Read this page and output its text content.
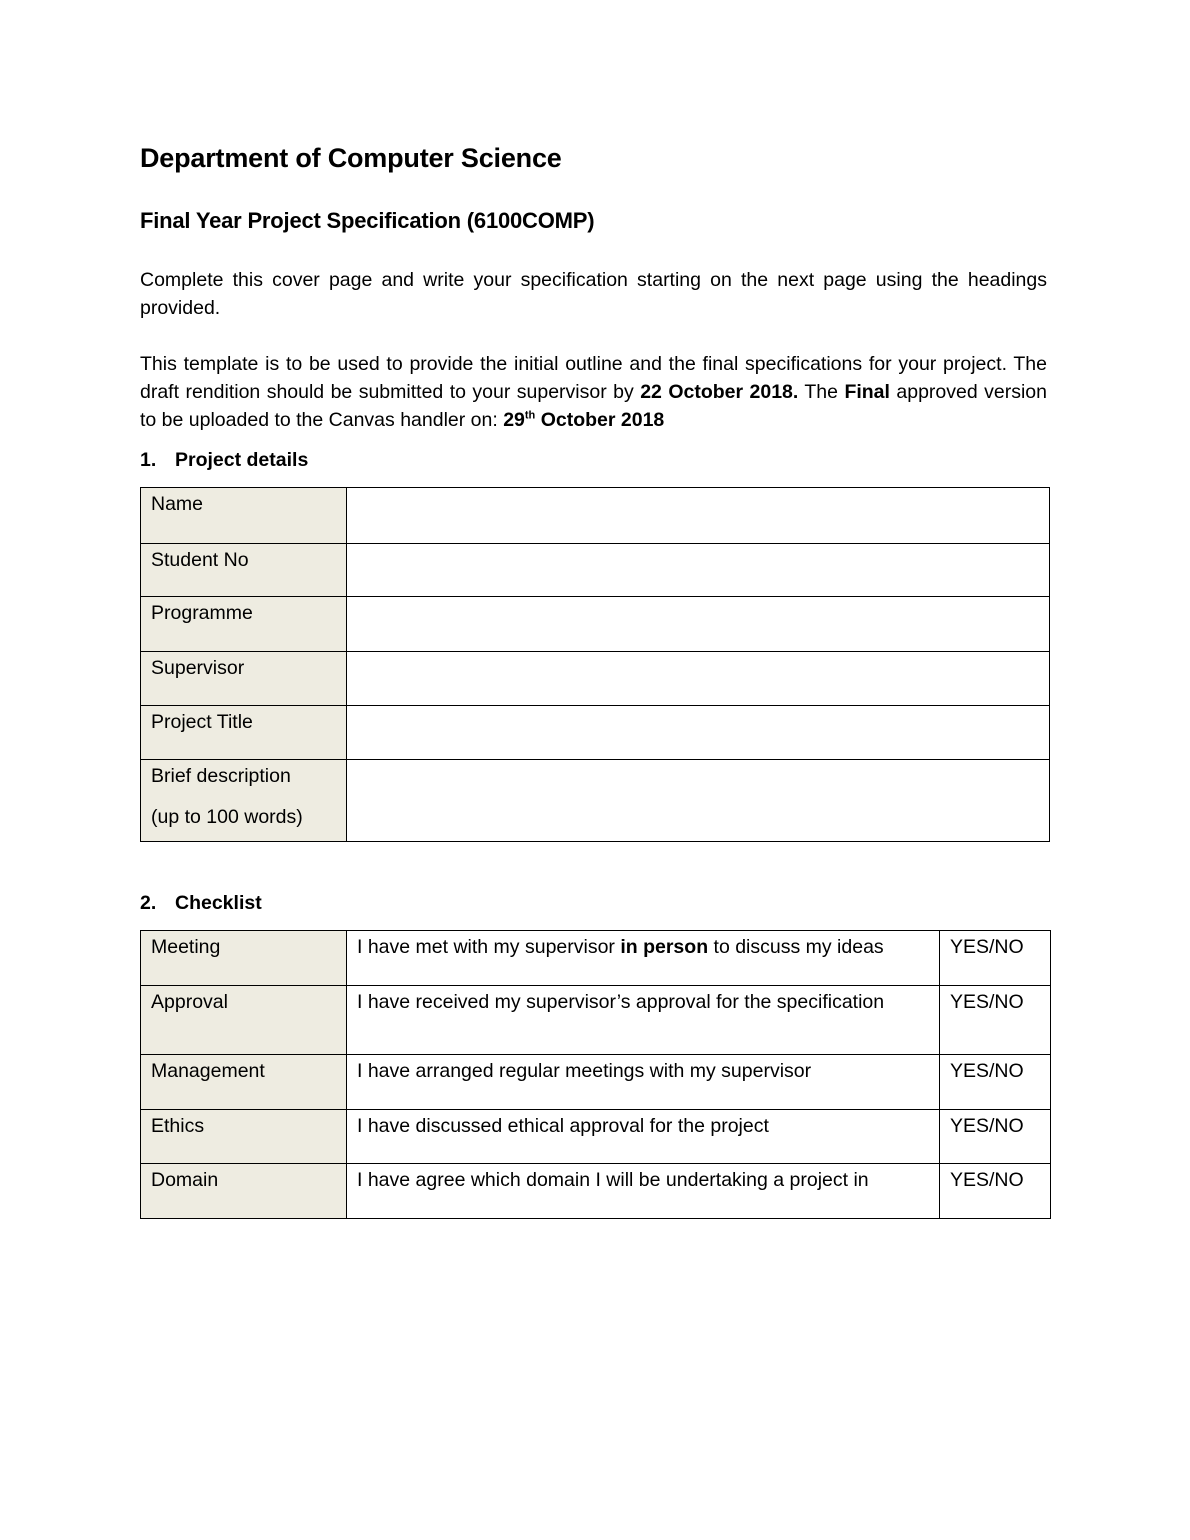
Department of Computer Science
Final Year Project Specification (6100COMP)

Complete this cover page and write your specification starting on the next page using the headings provided.

This template is to be used to provide the initial outline and the final specifications for your project. The draft rendition should be submitted to your supervisor by 22 October 2018. The Final approved version to be uploaded to the Canvas handler on: 29th October 2018

1. Project details

Name	
Student No	
Programme	
Supervisor	
Project Title	

Brief description
(up to 100 words)	

2. Checklist

Meeting	I have met with my supervisor in person to discuss my ideas	YES/NO
Approval	I have received my supervisor’s approval for the specification	YES/NO
Management	I have arranged regular meetings with my supervisor	YES/NO
Ethics	I have discussed ethical approval for the project	YES/NO
Domain	I have agree which domain I will be undertaking a project in	YES/NO
